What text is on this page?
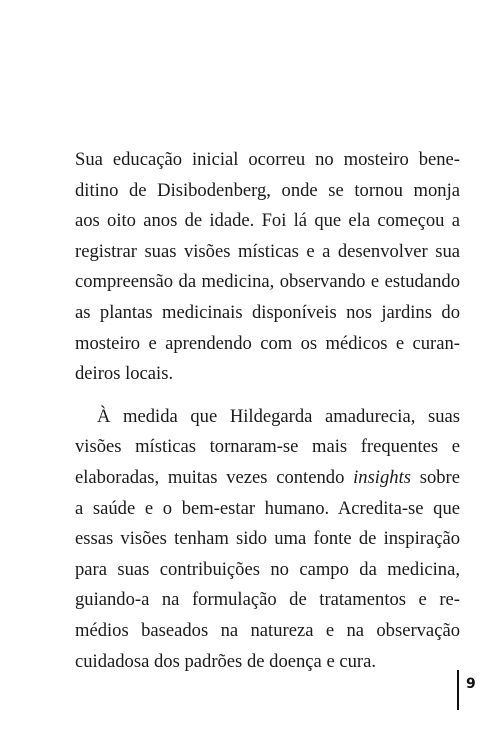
Sua educação inicial ocorreu no mosteiro bene-
ditino de Disibodenberg, onde se tornou monja
aos oito anos de idade. Foi lá que ela começou a
registrar suas visões místicas e a desenvolver sua
compreensão da medicina, observando e estudando
as plantas medicinais disponíveis nos jardins do
mosteiro e aprendendo com os médicos e curan-
deiros locais.
À medida que Hildegarda amadurecia, suas
visões místicas tornaram-se mais frequentes e
elaboradas, muitas vezes contendo insights sobre
a saúde e o bem-estar humano. Acredita-se que
essas visões tenham sido uma fonte de inspiração
para suas contribuições no campo da medicina,
guiando-a na formulação de tratamentos e re-
médios baseados na natureza e na observação
cuidadosa dos padrões de doença e cura.
9
